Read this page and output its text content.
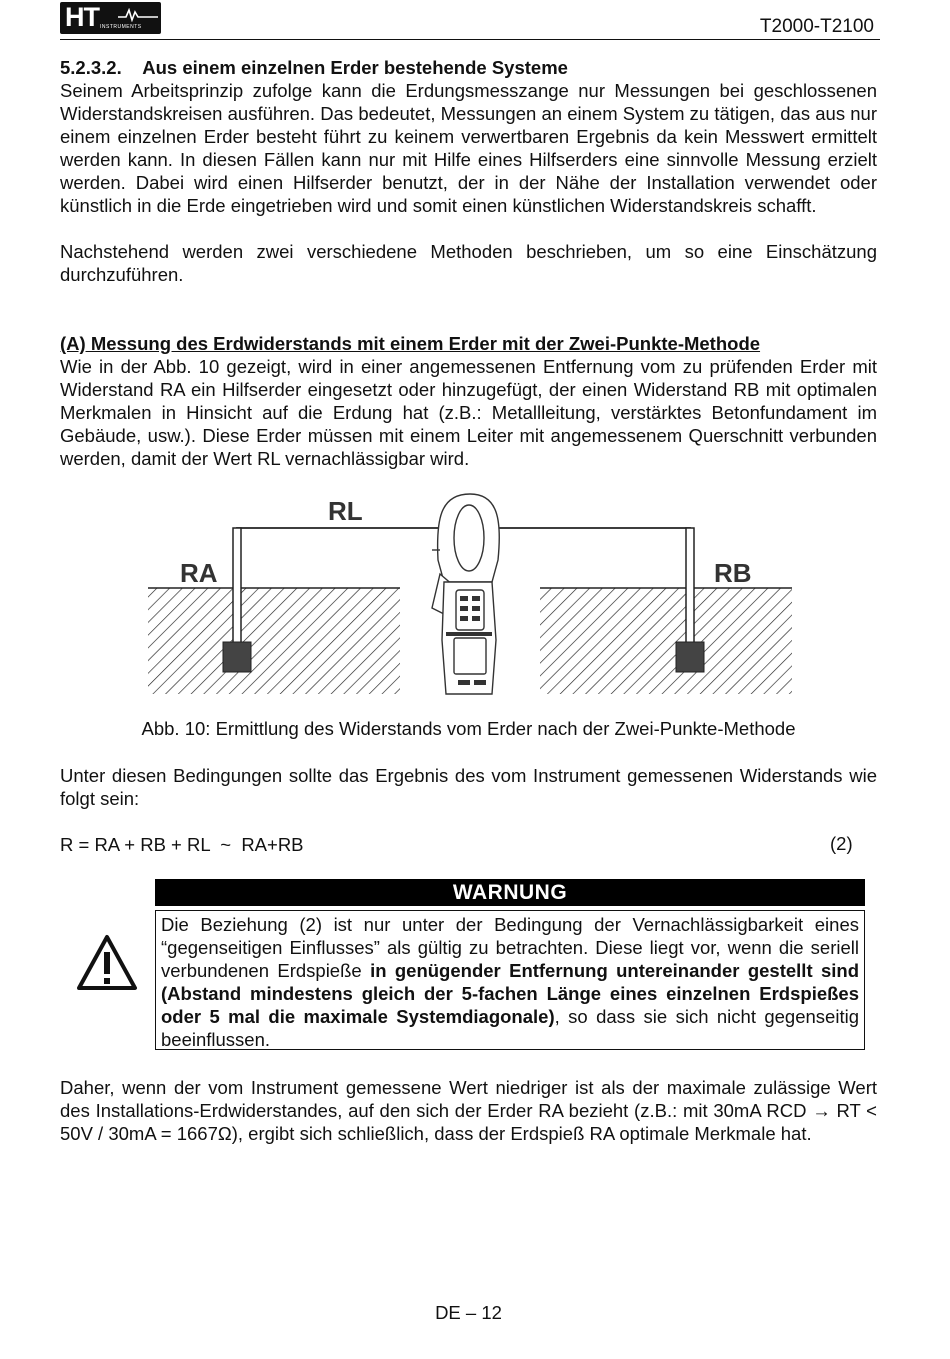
HT INSTRUMENTS	T2000-T2100
5.2.3.2.    Aus einem einzelnen Erder bestehende Systeme
Seinem Arbeitsprinzip zufolge kann die Erdungsmesszange nur Messungen bei geschlossenen Widerstandskreisen ausführen. Das bedeutet, Messungen an einem System zu tätigen, das aus nur einem einzelnen Erder besteht führt zu keinem verwertbaren Ergebnis da kein Messwert ermittelt werden kann. In diesen Fällen kann nur mit Hilfe eines Hilfserders eine sinnvolle Messung erzielt werden. Dabei wird einen Hilfserder benutzt, der in der Nähe der Installation verwendet oder künstlich in die Erde eingetrieben wird und somit einen künstlichen Widerstandskreis schafft.
Nachstehend werden zwei verschiedene Methoden beschrieben, um so eine Einschätzung durchzuführen.
(A) Messung des Erdwiderstands mit einem Erder mit der Zwei-Punkte-Methode
Wie in der Abb. 10 gezeigt, wird in einer angemessenen Entfernung vom zu prüfenden Erder mit Widerstand RA ein Hilfserder eingesetzt oder hinzugefügt, der einen Widerstand RB mit optimalen Merkmalen in Hinsicht auf die Erdung hat (z.B.: Metallleitung, verstärktes Betonfundament im Gebäude, usw.). Diese Erder müssen mit einem Leiter mit angemessenem Querschnitt verbunden werden, damit der Wert RL vernachlässigbar wird.
RL
RA	RB
Abb. 10: Ermittlung des Widerstands vom Erder nach der Zwei-Punkte-Methode
Unter diesen Bedingungen sollte das Ergebnis des vom Instrument gemessenen Widerstands wie folgt sein:
R = RA + RB + RL  ~  RA+RB	(2)
WARNUNG

Die Beziehung (2) ist nur unter der Bedingung der Vernachlässigbarkeit eines “gegenseitigen Einflusses” als gültig zu betrachten. Diese liegt vor, wenn die seriell verbundenen Erdspieße in genügender Entfernung untereinander gestellt sind (Abstand mindestens gleich der 5-fachen Länge eines einzelnen Erdspießes oder 5 mal die maximale Systemdiagonale), so dass sie sich nicht gegenseitig beeinflussen.

Daher, wenn der vom Instrument gemessene Wert niedriger ist als der maximale zulässige Wert des Installations-Erdwiderstandes, auf den sich der Erder RA bezieht (z.B.: mit 30mA RCD → RT < 50V / 30mA = 1667Ω), ergibt sich schließlich, dass der Erdspieß RA optimale Merkmale hat.
DE – 12
